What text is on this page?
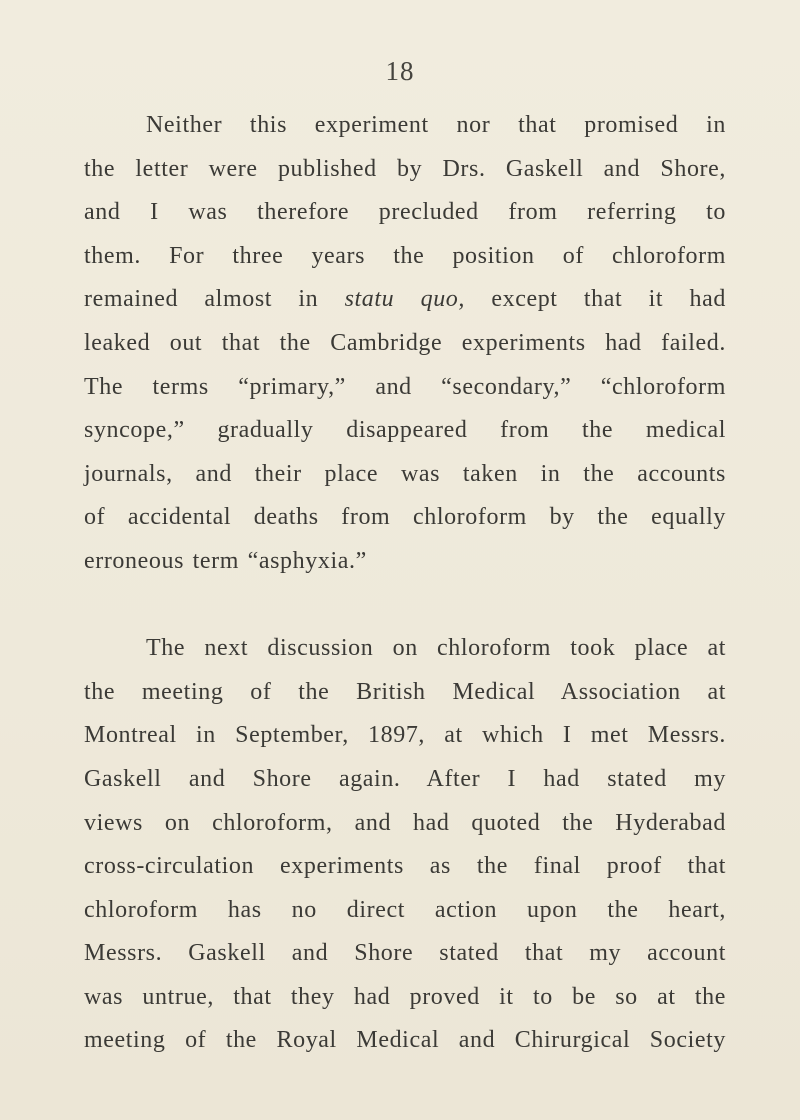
18
Neither this experiment nor that promised in
the letter were published by Drs. Gaskell and Shore,
and I was therefore precluded from referring to
them. For three years the position of chloroform
remained almost in statu quo, except that it had
leaked out that the Cambridge experiments had failed.
The terms “primary,” and “secondary,” “chloroform
syncope,” gradually disappeared from the medical
journals, and their place was taken in the accounts
of accidental deaths from chloroform by the equally
erroneous term “asphyxia.”
The next discussion on chloroform took place at
the meeting of the British Medical Association at
Montreal in September, 1897, at which I met Messrs.
Gaskell and Shore again. After I had stated my
views on chloroform, and had quoted the Hyderabad
cross-circulation experiments as the final proof that
chloroform has no direct action upon the heart,
Messrs. Gaskell and Shore stated that my account
was untrue, that they had proved it to be so at the
meeting of the Royal Medical and Chirurgical Society
